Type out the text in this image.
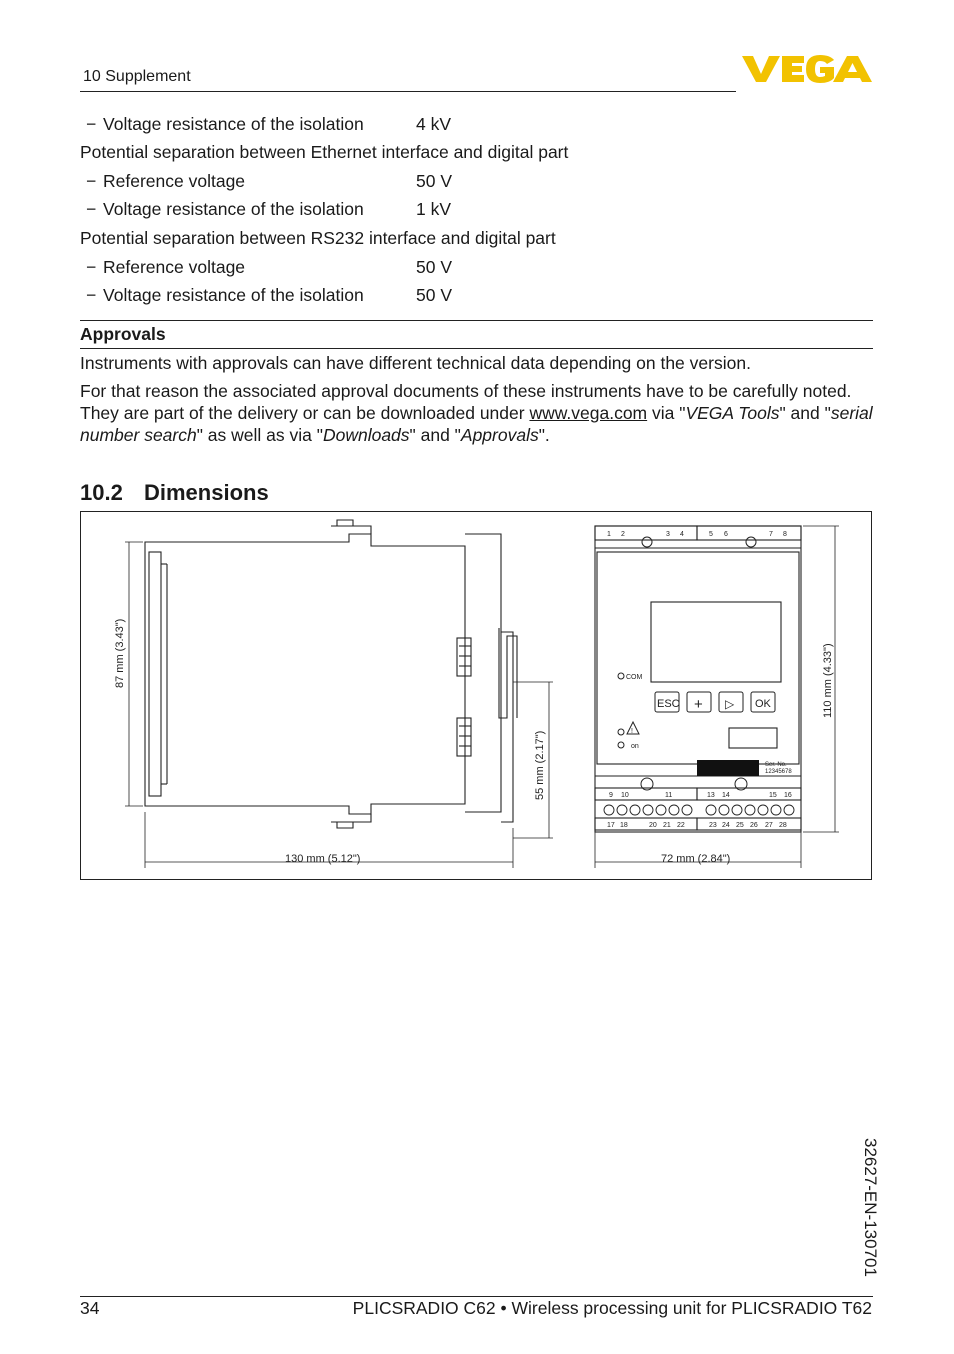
10 Supplement
− Voltage resistance of the isolation	4 kV
Potential separation between Ethernet interface and digital part
− Reference voltage	50 V
− Voltage resistance of the isolation	1 kV
Potential separation between RS232 interface and digital part
− Reference voltage	50 V
− Voltage resistance of the isolation	50 V
Approvals
Instruments with approvals can have different technical data depending on the version.
For that reason the associated approval documents of these instruments have to be carefully noted. They are part of the delivery or can be downloaded under www.vega.com via "VEGA Tools" and "serial number search" as well as via "Downloads" and "Approvals".
10.2 Dimensions
87 mm (3.43")
130 mm (5.12")
55 mm (2.17")
72 mm (2.84")
110 mm (4.33")
ESC + ▷ OK
COM
!
on
Ser. No.
12345678
1 2	3 4	5 6	7 8
9 10	11	13 14	15 16
17 18	20 21 22	23 24 25 26 27 28
32627-EN-130701
34	PLICSRADIO C62 • Wireless processing unit for PLICSRADIO T62
